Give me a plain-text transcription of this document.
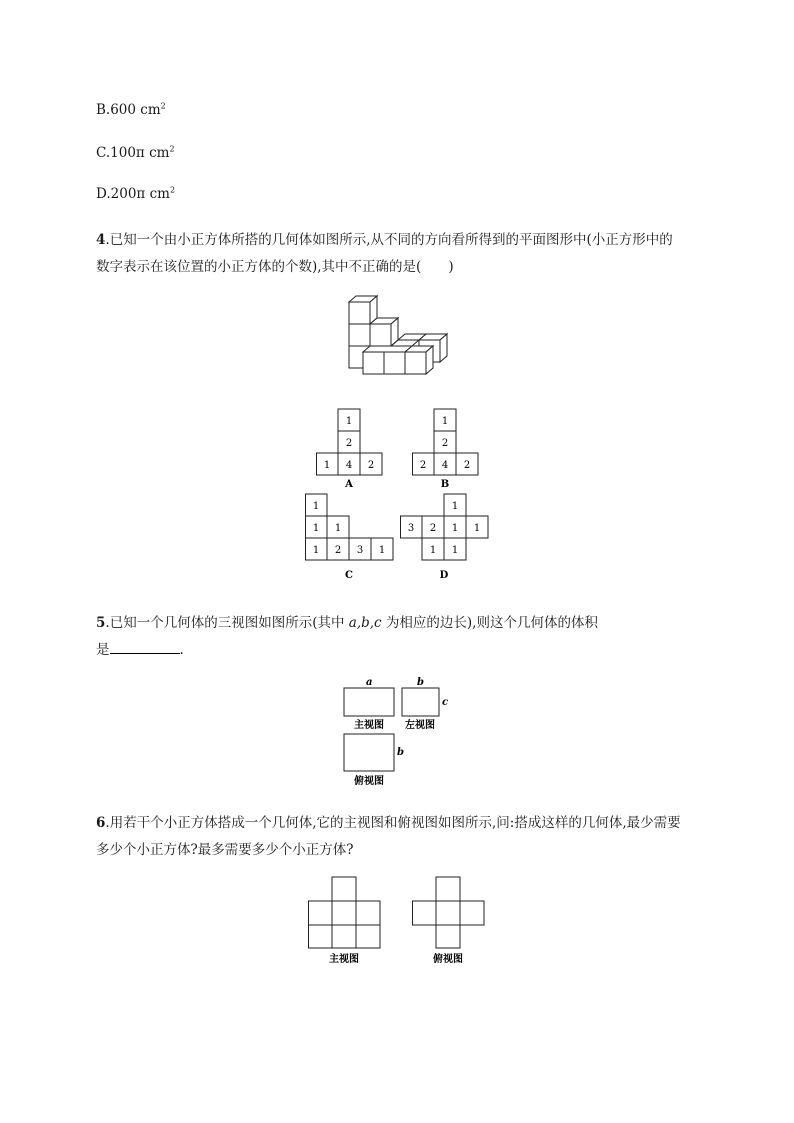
B.600 $cm^2$
C.100π $cm^2$
D.200π $cm^2$
4.已知一个由小正方体所搭的几何体如图所示,从不同的方向看所得到的平面图形中(小正方形中的
数字表示在该位置的小正方体的个数),其中不正确的是(　　)
1
2
1 4 2
A
1
2
2 4 2
B
1
1 1
1 2 3 1
C
1
3 2 1 1
1 1
D
5.已知一个几何体的三视图如图所示(其中 a,b,c 为相应的边长),则这个几何体的体积
是	.
a	b
c
b
主视图 左视图
俯视图
6.用若干个小正方体搭成一个几何体,它的主视图和俯视图如图所示,问:搭成这样的几何体,最少需要
多少个小正方体?最多需要多少个小正方体?
主视图	俯视图
